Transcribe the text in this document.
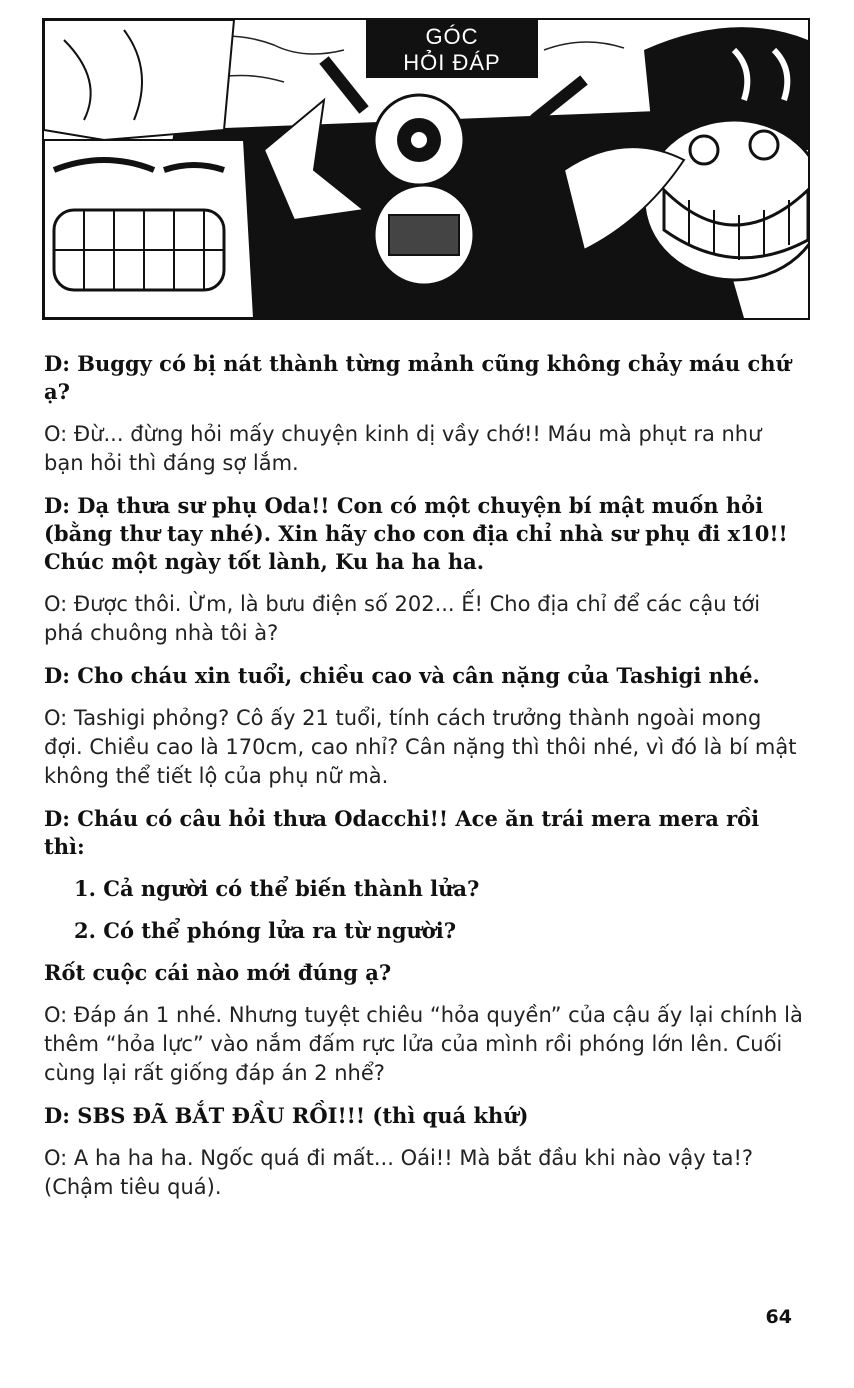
GÓC
HỎI ĐÁP

D: Buggy có bị nát thành từng mảnh cũng không chảy máu chứ ạ?

O: Đừ... đừng hỏi mấy chuyện kinh dị vầy chớ!! Máu mà phụt ra như bạn hỏi thì đáng sợ lắm.

D: Dạ thưa sư phụ Oda!! Con có một chuyện bí mật muốn hỏi (bằng thư tay nhé). Xin hãy cho con địa chỉ nhà sư phụ đi x10!! Chúc một ngày tốt lành, Ku ha ha ha.

O: Được thôi. Ừm, là bưu điện số 202... Ế! Cho địa chỉ để các cậu tới phá chuông nhà tôi à?

D: Cho cháu xin tuổi, chiều cao và cân nặng của Tashigi nhé.

O: Tashigi phỏng? Cô ấy 21 tuổi, tính cách trưởng thành ngoài mong đợi. Chiều cao là 170cm, cao nhỉ? Cân nặng thì thôi nhé, vì đó là bí mật không thể tiết lộ của phụ nữ mà.

D: Cháu có câu hỏi thưa Odacchi!! Ace ăn trái mera mera rồi thì:

1. Cả người có thể biến thành lửa?

2. Có thể phóng lửa ra từ người?

Rốt cuộc cái nào mới đúng ạ?

O: Đáp án 1 nhé. Nhưng tuyệt chiêu “hỏa quyền” của cậu ấy lại chính là thêm “hỏa lực” vào nắm đấm rực lửa của mình rồi phóng lớn lên. Cuối cùng lại rất giống đáp án 2 nhể?

D: SBS ĐÃ BẮT ĐẦU RỒI!!! (thì quá khứ)

O: A ha ha ha. Ngốc quá đi mất... Oái!! Mà bắt đầu khi nào vậy ta!? (Chậm tiêu quá).

64
